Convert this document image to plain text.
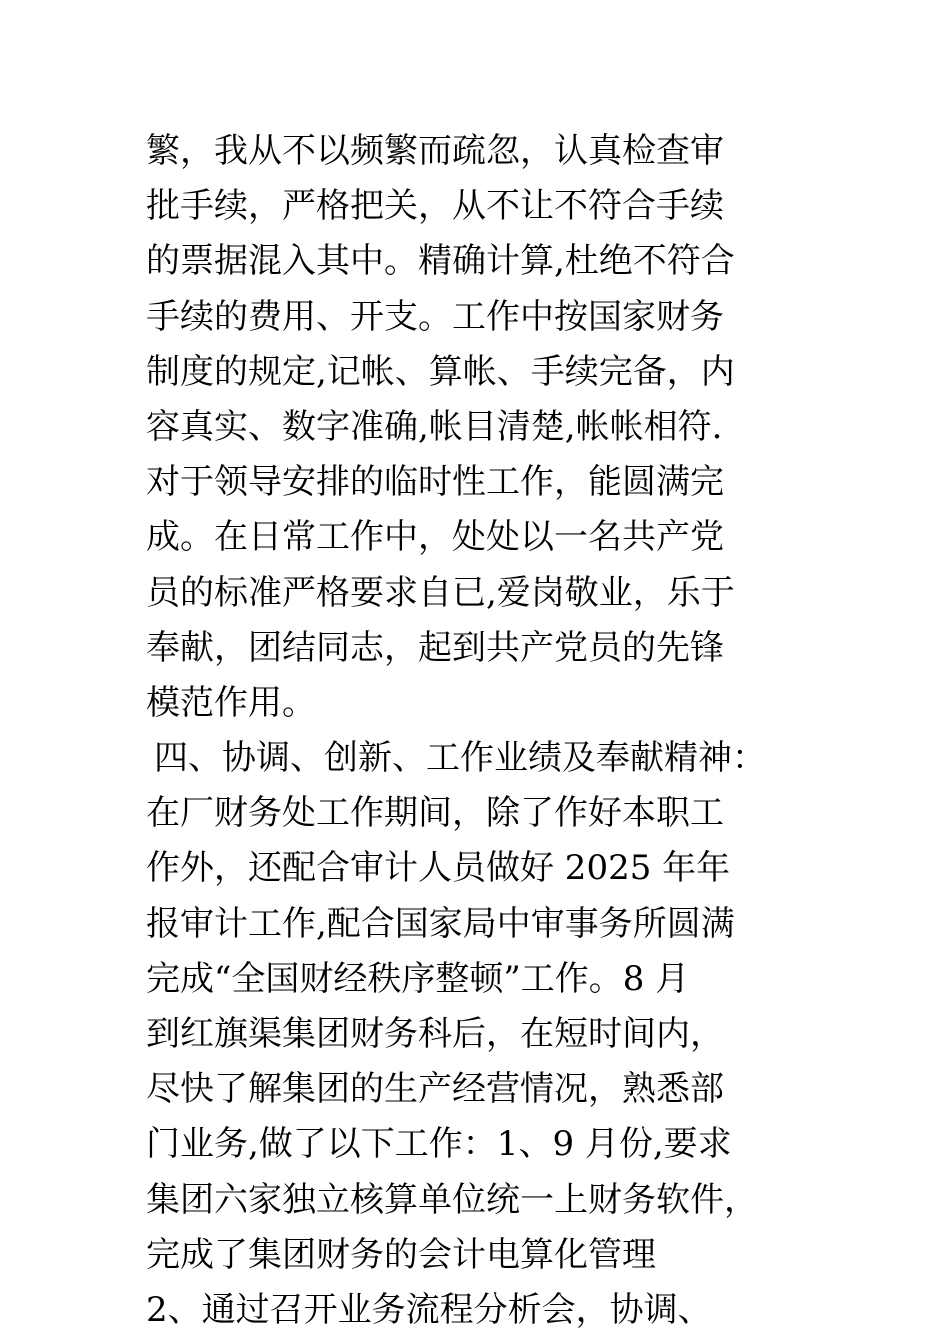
繁，我从不以频繁而疏忽，认真检查审
批手续，严格把关，从不让不符合手续
的票据混入其中。精确计算,杜绝不符合
手续的费用、开支。工作中按国家财务
制度的规定,记帐、算帐、手续完备，内
容真实、数字准确,帐目清楚,帐帐相符.
对于领导安排的临时性工作，能圆满完
成。在日常工作中，处处以一名共产党
员的标准严格要求自已,爱岗敬业，乐于
奉献，团结同志，起到共产党员的先锋
模范作用。
四、协调、创新、工作业绩及奉献精神：
在厂财务处工作期间，除了作好本职工
作外，还配合审计人员做好 2025 年年
报审计工作,配合国家局中审事务所圆满
完成“全国财经秩序整顿”工作。8 月
到红旗渠集团财务科后，在短时间内，
尽快了解集团的生产经营情况，熟悉部
门业务,做了以下工作：1、9 月份,要求
集团六家独立核算单位统一上财务软件，
完成了集团财务的会计电算化管理
2、通过召开业务流程分析会，协调、
